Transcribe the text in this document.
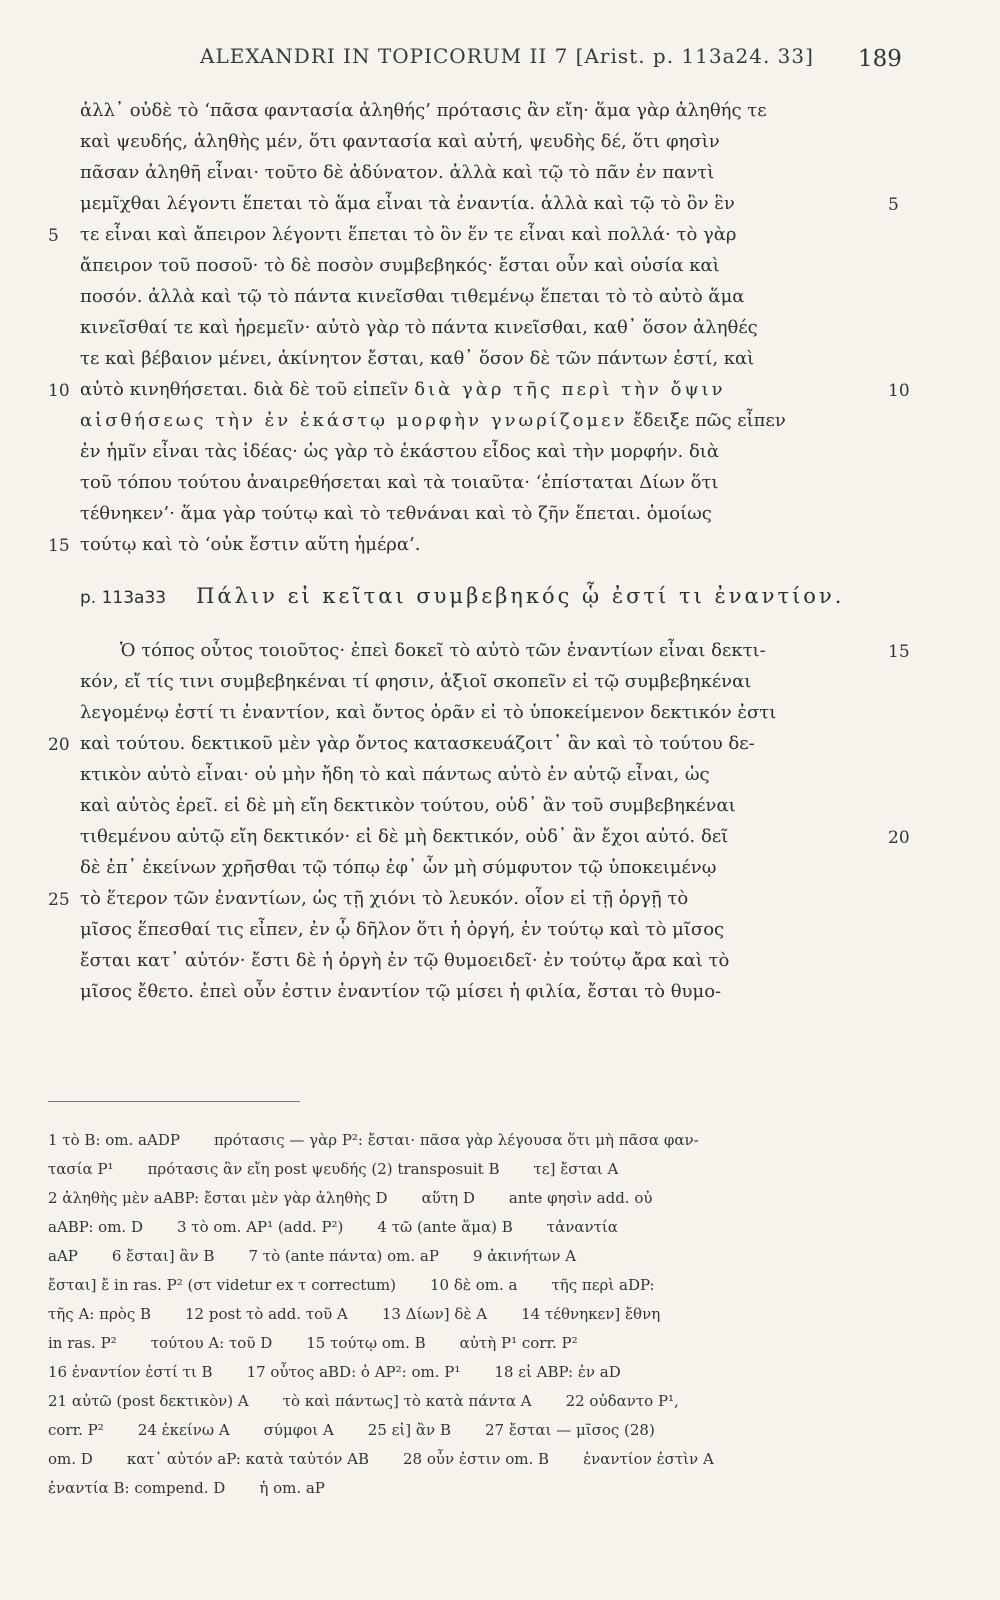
ALEXANDRI IN TOPICORUM II 7 [Arist. p. 113a24. 33] 189
ἀλλ᾽ οὐδὲ τὸ ‘πᾶσα φαντασία ἀληθής’ πρότασις ἂν εἴη· ἅμα γὰρ ἀληθής τε
καὶ ψευδής, ἀληθὴς μέν, ὅτι φαντασία καὶ αὐτή, ψευδὴς δέ, ὅτι φησὶν
πᾶσαν ἀληθῆ εἶναι· τοῦτο δὲ ἀδύνατον. ἀλλὰ καὶ τῷ τὸ πᾶν ἐν παντὶ
μεμῖχθαι λέγοντι ἕπεται τὸ ἅμα εἶναι τὰ ἐναντία. ἀλλὰ καὶ τῷ τὸ ὂν ἓν
τε εἶναι καὶ ἄπειρον λέγοντι ἕπεται τὸ ὂν ἕν τε εἶναι καὶ πολλά· τὸ γὰρ
ἄπειρον τοῦ ποσοῦ· τὸ δὲ ποσὸν συμβεβηκός· ἔσται οὖν καὶ οὐσία καὶ
ποσόν. ἀλλὰ καὶ τῷ τὸ πάντα κινεῖσθαι τιθεμένῳ ἕπεται τὸ τὸ αὐτὸ ἅμα
κινεῖσθαί τε καὶ ἠρεμεῖν· αὐτὸ γὰρ τὸ πάντα κινεῖσθαι, καθ᾽ ὅσον ἀληθές
τε καὶ βέβαιον μένει, ἀκίνητον ἔσται, καθ᾽ ὅσον δὲ τῶν πάντων ἐστί, καὶ
αὐτὸ κινηθήσεται. διὰ δὲ τοῦ εἰπεῖν διὰ γὰρ τῆς περὶ τὴν ὄψιν
αἰσθήσεως τὴν ἐν ἑκάστῳ μορφὴν γνωρίζομεν ἔδειξε πῶς εἶπεν
ἐν ἡμῖν εἶναι τὰς ἰδέας· ὡς γὰρ τὸ ἑκάστου εἶδος καὶ τὴν μορφήν. διὰ
τοῦ τόπου τούτου ἀναιρεθήσεται καὶ τὰ τοιαῦτα· ‘ἐπίσταται Δίων ὅτι
τέθνηκεν’· ἅμα γὰρ τούτῳ καὶ τὸ τεθνάναι καὶ τὸ ζῆν ἕπεται. ὁμοίως
τούτῳ καὶ τὸ ‘οὐκ ἔστιν αὕτη ἡμέρα’.
p. 113a33 Πάλιν εἰ κεῖται συμβεβηκός ᾧ ἐστί τι ἐναντίον.
Ὁ τόπος οὗτος τοιοῦτος· ἐπεὶ δοκεῖ τὸ αὐτὸ τῶν ἐναντίων εἶναι δεκτι-
κόν, εἴ τίς τινι συμβεβηκέναι τί φησιν, ἀξιοῖ σκοπεῖν εἰ τῷ συμβεβηκέναι
λεγομένῳ ἐστί τι ἐναντίον, καὶ ὄντος ὁρᾶν εἰ τὸ ὑποκείμενον δεκτικόν ἐστι
καὶ τούτου. δεκτικοῦ μὲν γὰρ ὄντος κατασκευάζοιτ᾽ ἂν καὶ τὸ τούτου δε-
κτικὸν αὐτὸ εἶναι· οὐ μὴν ἤδη τὸ καὶ πάντως αὐτὸ ἐν αὐτῷ εἶναι, ὡς
καὶ αὐτὸς ἐρεῖ. εἰ δὲ μὴ εἴη δεκτικὸν τούτου, οὐδ᾽ ἂν τοῦ συμβεβηκέναι
τιθεμένου αὐτῷ εἴη δεκτικόν· εἰ δὲ μὴ δεκτικόν, οὐδ᾽ ἂν ἔχοι αὐτό. δεῖ
δὲ ἐπ᾽ ἐκείνων χρῆσθαι τῷ τόπῳ ἐφ᾽ ὧν μὴ σύμφυτον τῷ ὑποκειμένῳ
τὸ ἕτερον τῶν ἐναντίων, ὡς τῇ χιόνι τὸ λευκόν. οἷον εἰ τῇ ὀργῇ τὸ
μῖσος ἕπεσθαί τις εἶπεν, ἐν ᾧ δῆλον ὅτι ἡ ὀργή, ἐν τούτῳ καὶ τὸ μῖσος
ἔσται κατ᾽ αὐτόν· ἔστι δὲ ἡ ὀργὴ ἐν τῷ θυμοειδεῖ· ἐν τούτῳ ἄρα καὶ τὸ
μῖσος ἔθετο. ἐπεὶ οὖν ἐστιν ἐναντίον τῷ μίσει ἡ φιλία, ἔσται τὸ θυμο-
5
10
15
20
25
5
10
15
20
1 τὸ B: om. aADP πρότασις — γὰρ P²: ἔσται· πᾶσα γὰρ λέγουσα ὅτι μὴ πᾶσα φαν-
τασία P¹ πρότασις ἂν εἴη post ψευδής (2) transposuit B τε] ἔσται A
2 ἀληθὴς μὲν aABP: ἔσται μὲν γὰρ ἀληθὴς D αὕτη D ante φησὶν add. οὐ
aABP: om. D 3 τὸ om. AP¹ (add. P²) 4 τῶ (ante ἅμα) B τἀναντία
aAP 6 ἔσται] ἂν B 7 τὸ (ante πάντα) om. aP 9 ἀκινήτων A
ἔσται] ἔ in ras. P² (στ videtur ex τ correctum) 10 δὲ om. a τῆς περὶ aDP:
τῆς A: πρὸς B 12 post τὸ add. τοῦ A 13 Δίων] δὲ A 14 τέθνηκεν] ἔθνη
in ras. P² τούτου A: τοῦ D 15 τούτῳ om. B αὐτὴ P¹ corr. P²
16 ἐναντίον ἐστί τι B 17 οὗτος aBD: ὁ AP²: om. P¹ 18 εἰ ABP: ἐν aD
21 αὐτῶ (post δεκτικὸν) A τὸ καὶ πάντως] τὸ κατὰ πάντα A 22 οὐδαντο P¹,
corr. P² 24 ἐκείνω A σύμφοι A 25 εἰ] ἂν B 27 ἔσται — μῖσος (28)
om. D κατ᾽ αὐτόν aP: κατὰ ταὐτόν AB 28 οὖν ἐστιν om. B ἐναντίον ἐστὶν A
ἐναντία B: compend. D ἡ om. aP
